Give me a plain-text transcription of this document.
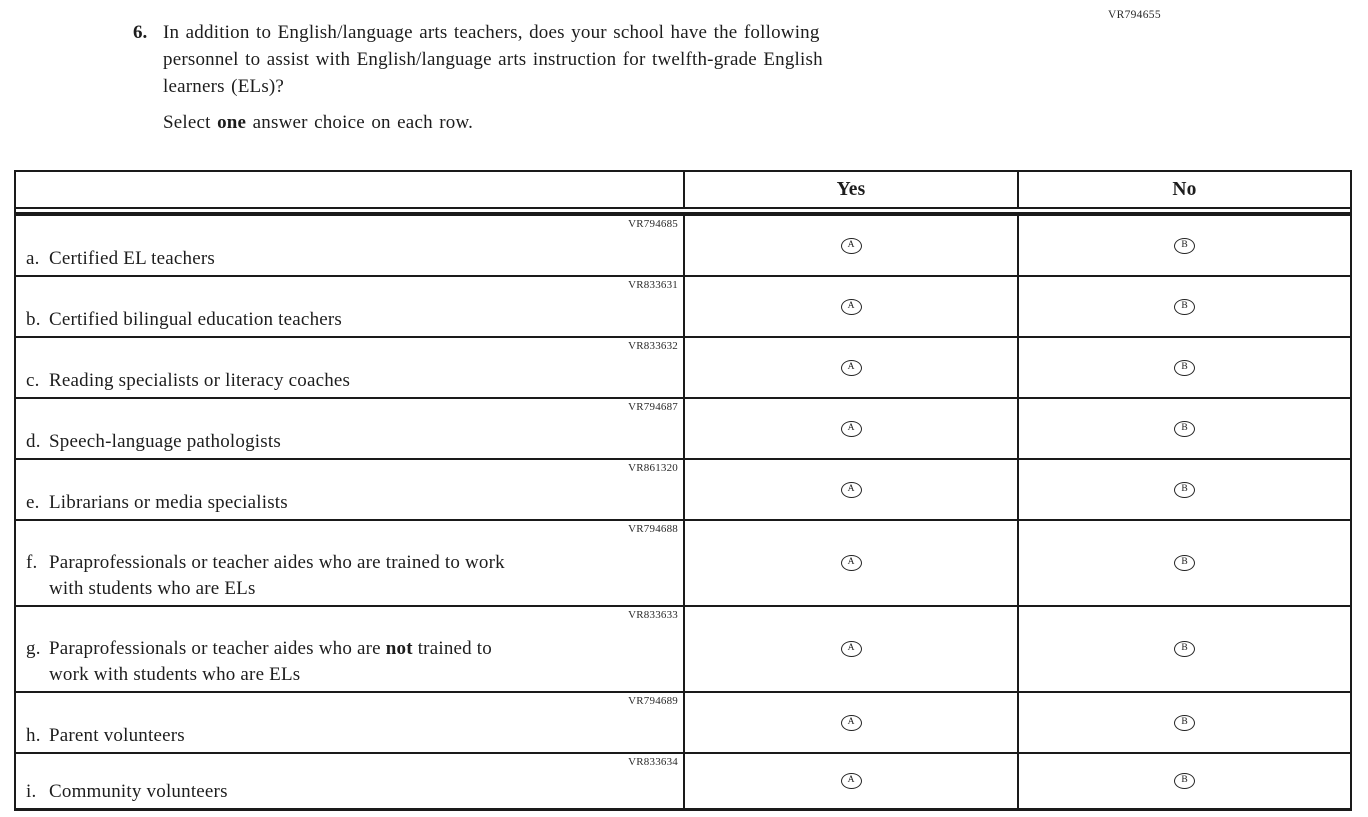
VR794655
6. In addition to English/language arts teachers, does your school have the following
personnel to assist with English/language arts instruction for twelfth-grade English
learners (ELs)?
Select one answer choice on each row.
Yes	No
VR794685
a. Certified EL teachers
A	B
VR833631
b. Certified bilingual education teachers
A	B
VR833632
c. Reading specialists or literacy coaches
A	B
VR794687
d. Speech-language pathologists
A	B
VR861320
e. Librarians or media specialists
A	B
VR794688
f. Paraprofessionals or teacher aides who are trained to work
with students who are ELs
A	B
VR833633
g. Paraprofessionals or teacher aides who are not trained to
work with students who are ELs
A	B
VR794689
h. Parent volunteers
A	B
VR833634
i. Community volunteers
A	B
